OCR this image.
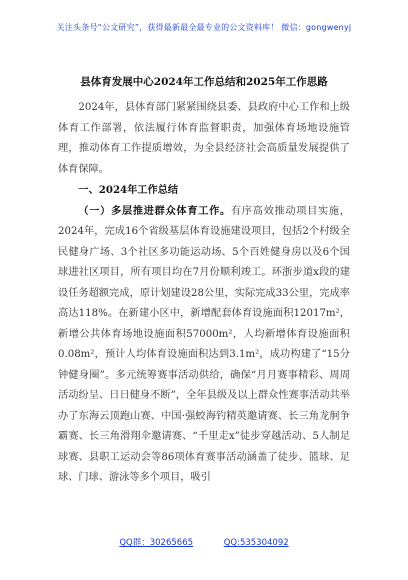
关注头条号“公文研究”，获得最新最全最专业的公文资料库！ 微信：gongwenyj
县体育发展中心2024年工作总结和2025年工作思路

2024年，县体育部门紧紧围绕县委、县政府中心工作和上级体育工作部署，依法履行体育监督职责，加强体育场地设施管理，推动体育工作提质增效，为全县经济社会高质量发展提供了体育保障。

一、2024年工作总结

（一）多层推进群众体育工作。有序高效推动项目实施，2024年，完成16个省级基层体育设施建设项目，包括2个村级全民健身广场、3个社区多功能运动场、5个百姓健身房以及6个国球进社区项目，所有项目均在7月份顺利竣工。环浙步道x段的建设任务超额完成，原计划建设28公里，实际完成33公里，完成率高达118%。在新建小区中，新增配套体育设施面积12017m²，新增公共体育场地设施面积57000m²，人均新增体育设施面积0.08m²，预计人均体育设施面积达到3.1m²，成功构建了“15分钟健身圈”。多元统筹赛事活动供给，确保“月月赛事精彩、周周活动纷呈、日日健身不断”，全年县级及以上群众性赛事活动共举办了东海云顶跑山赛、中国·强蛟海钓精英邀请赛、长三角龙舸争霸赛、长三角滑翔伞邀请赛、“千里走x”徒步穿越活动、5人制足球赛、县职工运动会等86项体育赛事活动涵盖了徒步、篮球、足球、门球、游泳等多个项目，吸引

QQ群：30265665	QQ:535304092
